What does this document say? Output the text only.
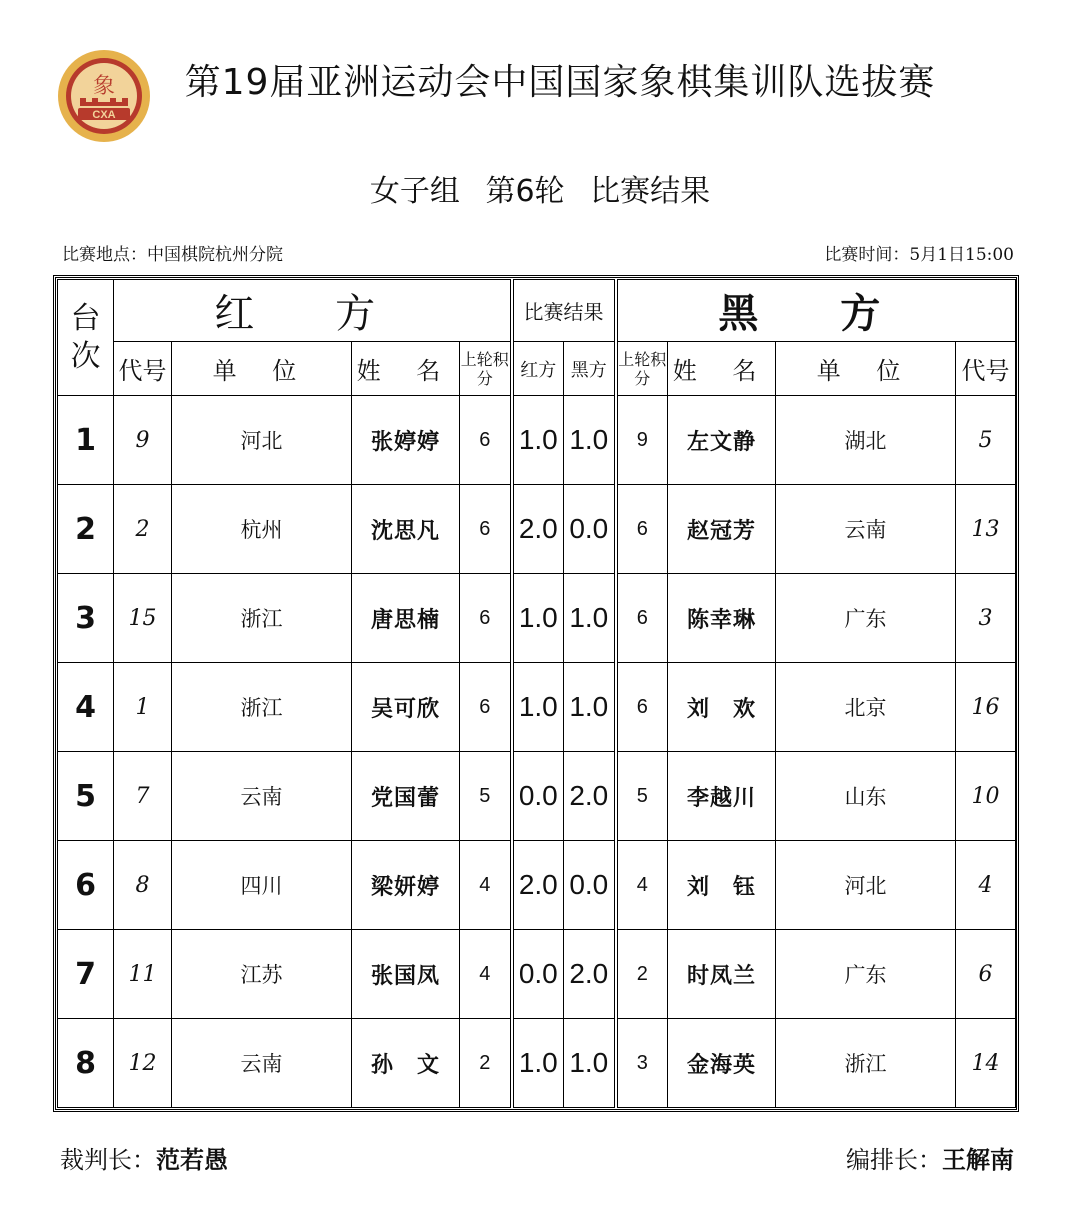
CXA
象	第19届亚洲运动会中国国家象棋集训队选拔赛
女子组 第6轮 比赛结果
比赛地点：中国棋院杭州分院	比赛时间：5月1日15:00
台次	红 方				比赛结果		黑 方			
	代号	单 位	姓 名	上轮积分	红方	黑方	上轮积分	姓 名	单 位	代号
1	9	河北	张婷婷	6	1.0	1.0	9	左文静	湖北	5
2	2	杭州	沈思凡	6	2.0	0.0	6	赵冠芳	云南	13
3	15	浙江	唐思楠	6	1.0	1.0	6	陈幸琳	广东	3
4	1	浙江	吴可欣	6	1.0	1.0	6	刘　欢	北京	16
5	7	云南	党国蕾	5	0.0	2.0	5	李越川	山东	10
6	8	四川	梁妍婷	4	2.0	0.0	4	刘　钰	河北	4
7	11	江苏	张国凤	4	0.0	2.0	2	时凤兰	广东	6
8	12	云南	孙　文	2	1.0	1.0	3	金海英	浙江	14
裁判长：范若愚	编排长：王解南
